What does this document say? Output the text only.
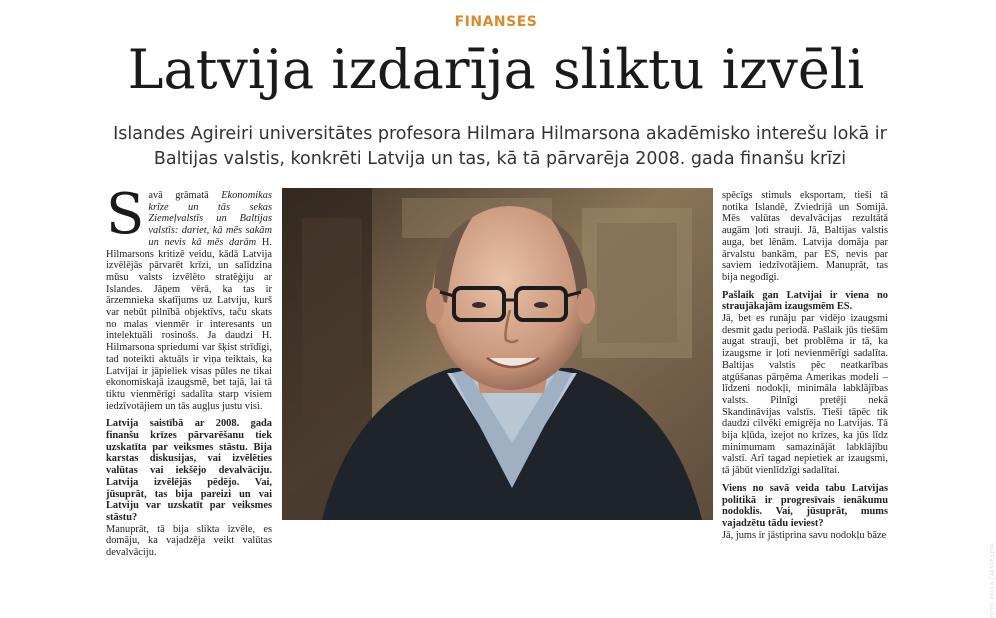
FINANSES
Latvija izdarīja sliktu izvēli
Islandes Agireiri universitātes profesora Hilmara Hilmarsona akadēmisko interešu lokā ir Baltijas valstis, konkrēti Latvija un tas, kā tā pārvarēja 2008. gada finanšu krīzi

Savā grāmatā Ekonomikas krīze un tās sekas Ziemeļvalstīs un Baltijas valstīs: dariet, kā mēs sakām un nevis kā mēs darām H. Hilmarsons kritizē veidu, kādā Latvija izvēlējās pārvarēt krīzi, un salīdzina mūsu valsts izvēlēto stratēģiju ar Islandes. Jāņem vērā, ka tas ir ārzemnieka skatījums uz Latviju, kurš var nebūt pilnībā objektīvs, taču skats no malas vienmēr ir interesants un intelektuāli rosinošs. Ja daudzi H. Hilmarsona spriedumi var šķist strīdīgi, tad noteikti aktuāls ir viņa teiktais, ka Latvijai ir jāpieliek visas pūles ne tikai ekonomiskajā izaugsmē, bet tajā, lai tā tiktu vienmērīgi sadalīta starp visiem iedzīvotājiem un tās augļus justu visi.

Latvija saistībā ar 2008. gada finanšu krīzes pārvarēšanu tiek uzskatīta par veiksmes stāstu. Bija karstas diskusijas, vai izvēlēties valūtas vai iekšējo devalvāciju. Latvija izvēlējās pēdējo. Vai, jūsuprāt, tas bija pareizi un vai Latviju var uzskatīt par veiksmes stāstu?

Manuprāt, tā bija slikta izvēle, es domāju, ka vajadzēja veikt valūtas devalvāciju.	FOTO: PAULA ČĀKSTE/LETA

spēcīgs stimuls eksportam, tieši tā notika Islandē, Zviedrijā un Somijā. Mēs valūtas devalvācijas rezultātā augām ļoti strauji. Jā, Baltijas valstis auga, bet lēnām. Latvija domāja par ārvalstu bankām, par ES, nevis par saviem iedzīvotājiem. Manuprāt, tas bija negodīgi.

Pašlaik gan Latvijai ir viena no straujākajām izaugsmēm ES.

Jā, bet es runāju par vidējo izaugsmi desmit gadu periodā. Pašlaik jūs tiešām augat strauji, bet problēma ir tā, ka izaugsme ir ļoti nevienmērīgi sadalīta. Baltijas valstis pēc neatkarības atgūšanas pārņēma Amerikas modeli – līdzeni nodokļi, minimāla labklājības valsts. Pilnīgi pretēji nekā Skandināvijas valstīs. Tieši tāpēc tik daudzi cilvēki emigrēja no Latvijas. Tā bija kļūda, izejot no krīzes, ka jūs līdz minimumam samazinājāt labklājību valstī. Arī tagad nepietiek ar izaugsmi, tā jābūt vienlīdzīgi sadalītai.

Viens no savā veida tabu Latvijas politikā ir progresīvais ienākumu nodoklis. Vai, jūsuprāt, mums vajadzētu tādu ieviest?

Jā, jums ir jāstiprina savu nodokļu bāze
